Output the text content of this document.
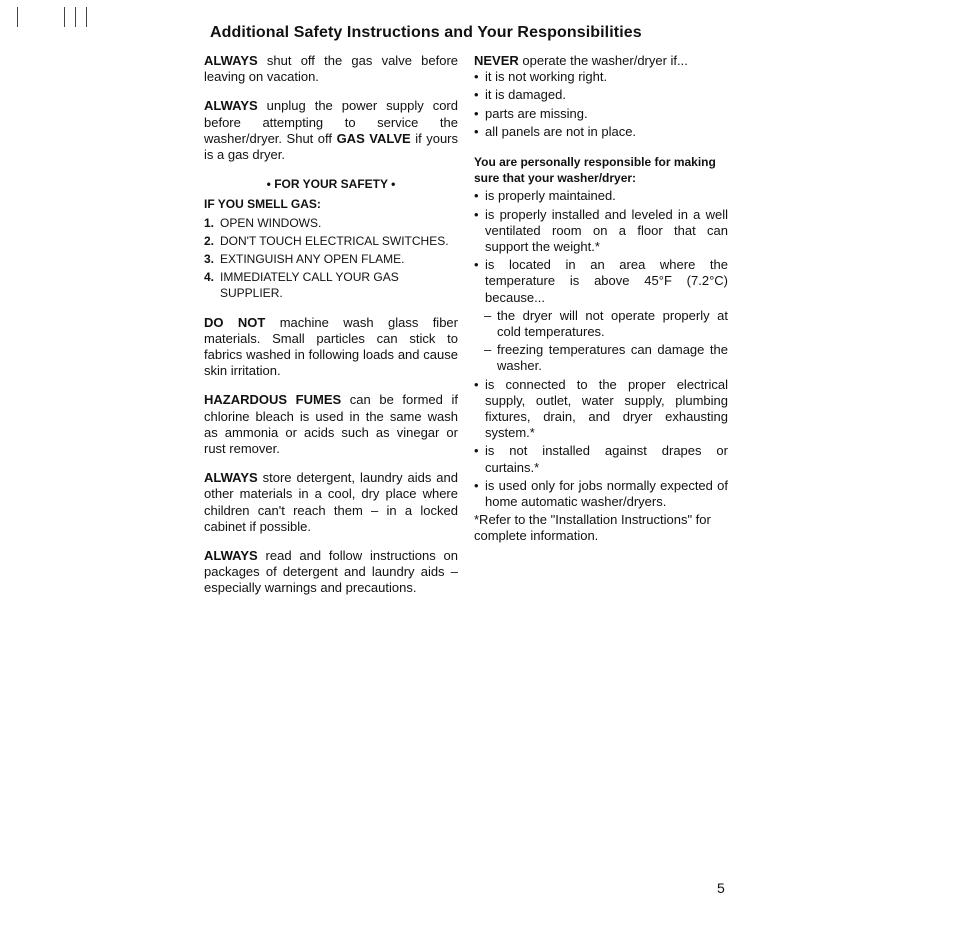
Additional Safety Instructions and Your Responsibilities

ALWAYS shut off the gas valve before leaving on vacation.

ALWAYS unplug the power supply cord before attempting to service the washer/dryer. Shut off GAS VALVE if yours is a gas dryer.

• FOR YOUR SAFETY •
IF YOU SMELL GAS:
1. OPEN WINDOWS.
2. DON'T TOUCH ELECTRICAL SWITCHES.
3. EXTINGUISH ANY OPEN FLAME.
4. IMMEDIATELY CALL YOUR GAS SUPPLIER.

DO NOT machine wash glass fiber materials. Small particles can stick to fabrics washed in following loads and cause skin irritation.

HAZARDOUS FUMES can be formed if chlorine bleach is used in the same wash as ammonia or acids such as vinegar or rust remover.

ALWAYS store detergent, laundry aids and other materials in a cool, dry place where children can't reach them – in a locked cabinet if possible.

ALWAYS read and follow instructions on packages of detergent and laundry aids – especially warnings and precautions.

NEVER operate the washer/dryer if...
• it is not working right.
• it is damaged.
• parts are missing.
• all panels are not in place.
You are personally responsible for making sure that your washer/dryer:
• is properly maintained.
• is properly installed and leveled in a well ventilated room on a floor that can support the weight.*
• is located in an area where the temperature is above 45°F (7.2°C) because...
– the dryer will not operate properly at cold temperatures.
– freezing temperatures can damage the washer.
• is connected to the proper electrical supply, outlet, water supply, plumbing fixtures, drain, and dryer exhausting system.*
• is not installed against drapes or curtains.*
• is used only for jobs normally expected of home automatic washer/dryers.
*Refer to the "Installation Instructions" for complete information.
5
